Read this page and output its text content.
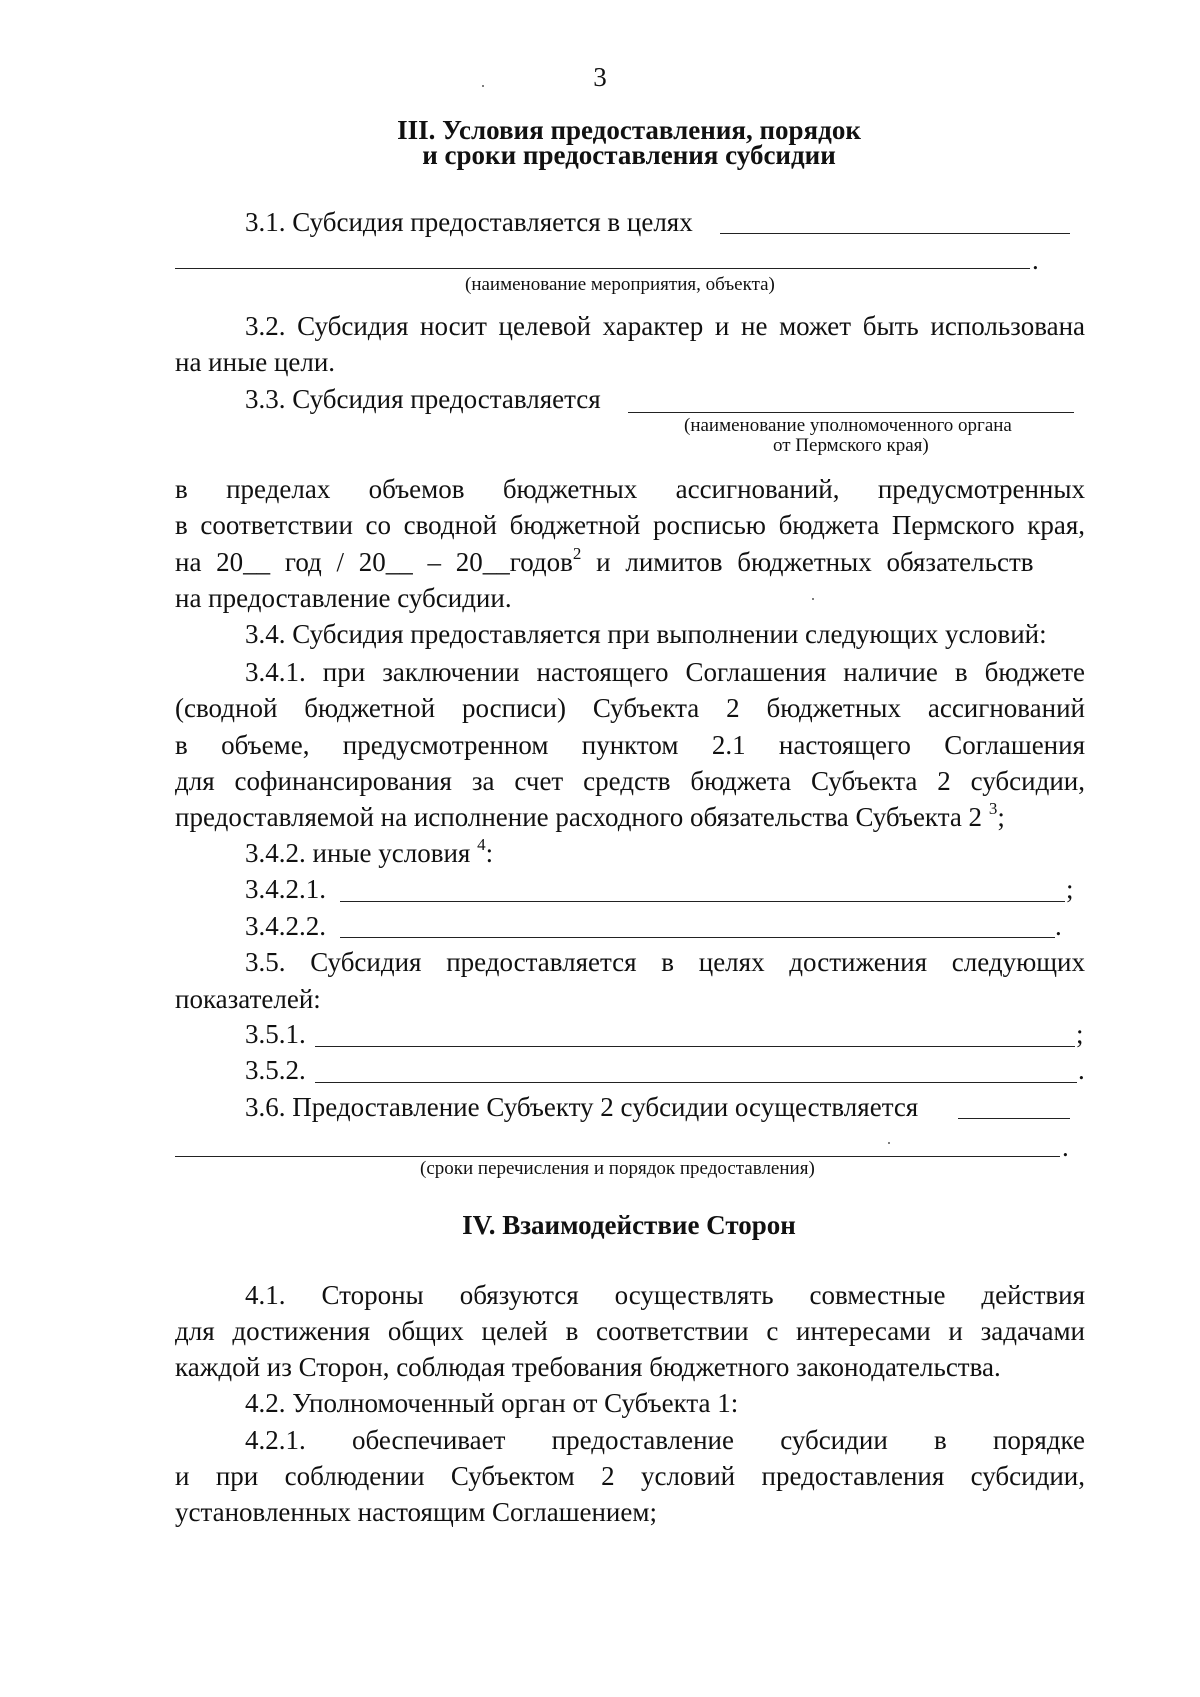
3
III. Условия предоставления, порядок
и сроки предоставления субсидии
3.1. Субсидия предоставляется в целях
.
(наименование мероприятия, объекта)
3.2. Субсидия носит целевой характер и не может быть использована
на иные цели.
3.3. Субсидия предоставляется
(наименование уполномоченного органа
от Пермского края)
в пределах объемов бюджетных ассигнований, предусмотренных
в соответствии со сводной бюджетной росписью бюджета Пермского края,
на 20__ год / 20__ – 20__годов$^2$ и лимитов бюджетных обязательств
на предоставление субсидии.
3.4. Субсидия предоставляется при выполнении следующих условий:
3.4.1. при заключении настоящего Соглашения наличие в бюджете
(сводной бюджетной росписи) Субъекта 2 бюджетных ассигнований
в объеме, предусмотренном пунктом 2.1 настоящего Соглашения
для софинансирования за счет средств бюджета Субъекта 2 субсидии,
предоставляемой на исполнение расходного обязательства Субъекта 2 $^3$;
3.4.2. иные условия $^4$:
3.4.2.1.	;
3.4.2.2.	.
3.5. Субсидия предоставляется в целях достижения следующих
показателей:
3.5.1.	;
3.5.2.	.
3.6. Предоставление Субъекту 2 субсидии осуществляется
.
(сроки перечисления и порядок предоставления)
IV. Взаимодействие Сторон
4.1. Стороны обязуются осуществлять совместные действия
для достижения общих целей в соответствии с интересами и задачами
каждой из Сторон, соблюдая требования бюджетного законодательства.
4.2. Уполномоченный орган от Субъекта 1:
4.2.1. обеспечивает предоставление субсидии в порядке
и при соблюдении Субъектом 2 условий предоставления субсидии,
установленных настоящим Соглашением;
